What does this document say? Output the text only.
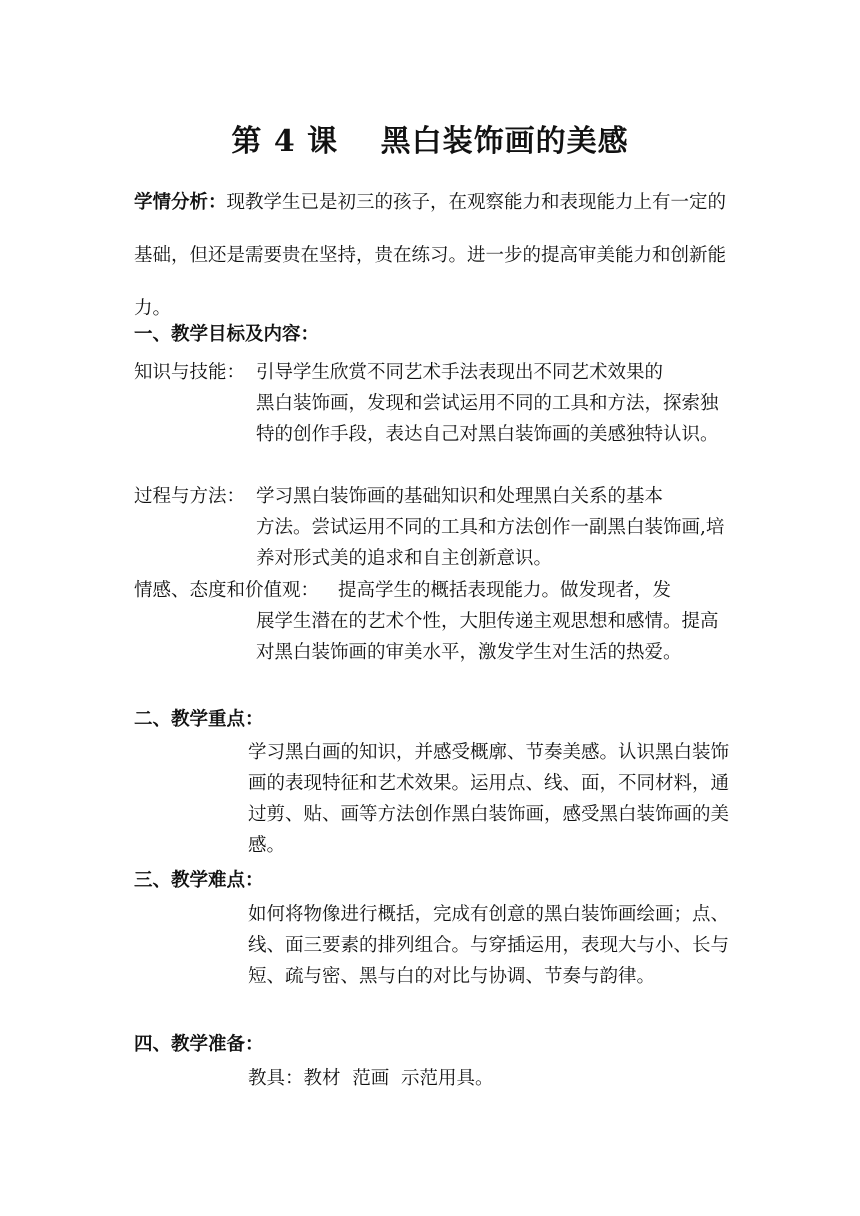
第 4 课　 黑白装饰画的美感
学情分析：现教学生已是初三的孩子，在观察能力和表现能力上有一定的基础，但还是需要贵在坚持，贵在练习。进一步的提高审美能力和创新能力。
一、教学目标及内容：
知识与技能： 引导学生欣赏不同艺术手法表现出不同艺术效果的
黑白装饰画，发现和尝试运用不同的工具和方法，探索独特的创作手段，表达自己对黑白装饰画的美感独特认识。
过程与方法： 学习黑白装饰画的基础知识和处理黑白关系的基本
方法。尝试运用不同的工具和方法创作一副黑白装饰画,培养对形式美的追求和自主创新意识。
情感、态度和价值观： 提高学生的概括表现能力。做发现者，发
展学生潜在的艺术个性，大胆传递主观思想和感情。提高对黑白装饰画的审美水平，激发学生对生活的热爱。
二、教学重点：
学习黑白画的知识，并感受概廓、节奏美感。认识黑白装饰画的表现特征和艺术效果。运用点、线、面，不同材料，通过剪、贴、画等方法创作黑白装饰画，感受黑白装饰画的美感。
三、教学难点：
如何将物像进行概括，完成有创意的黑白装饰画绘画；点、线、面三要素的排列组合。与穿插运用，表现大与小、长与短、疏与密、黑与白的对比与协调、节奏与韵律。
四、教学准备：
教具：教材  范画  示范用具。
